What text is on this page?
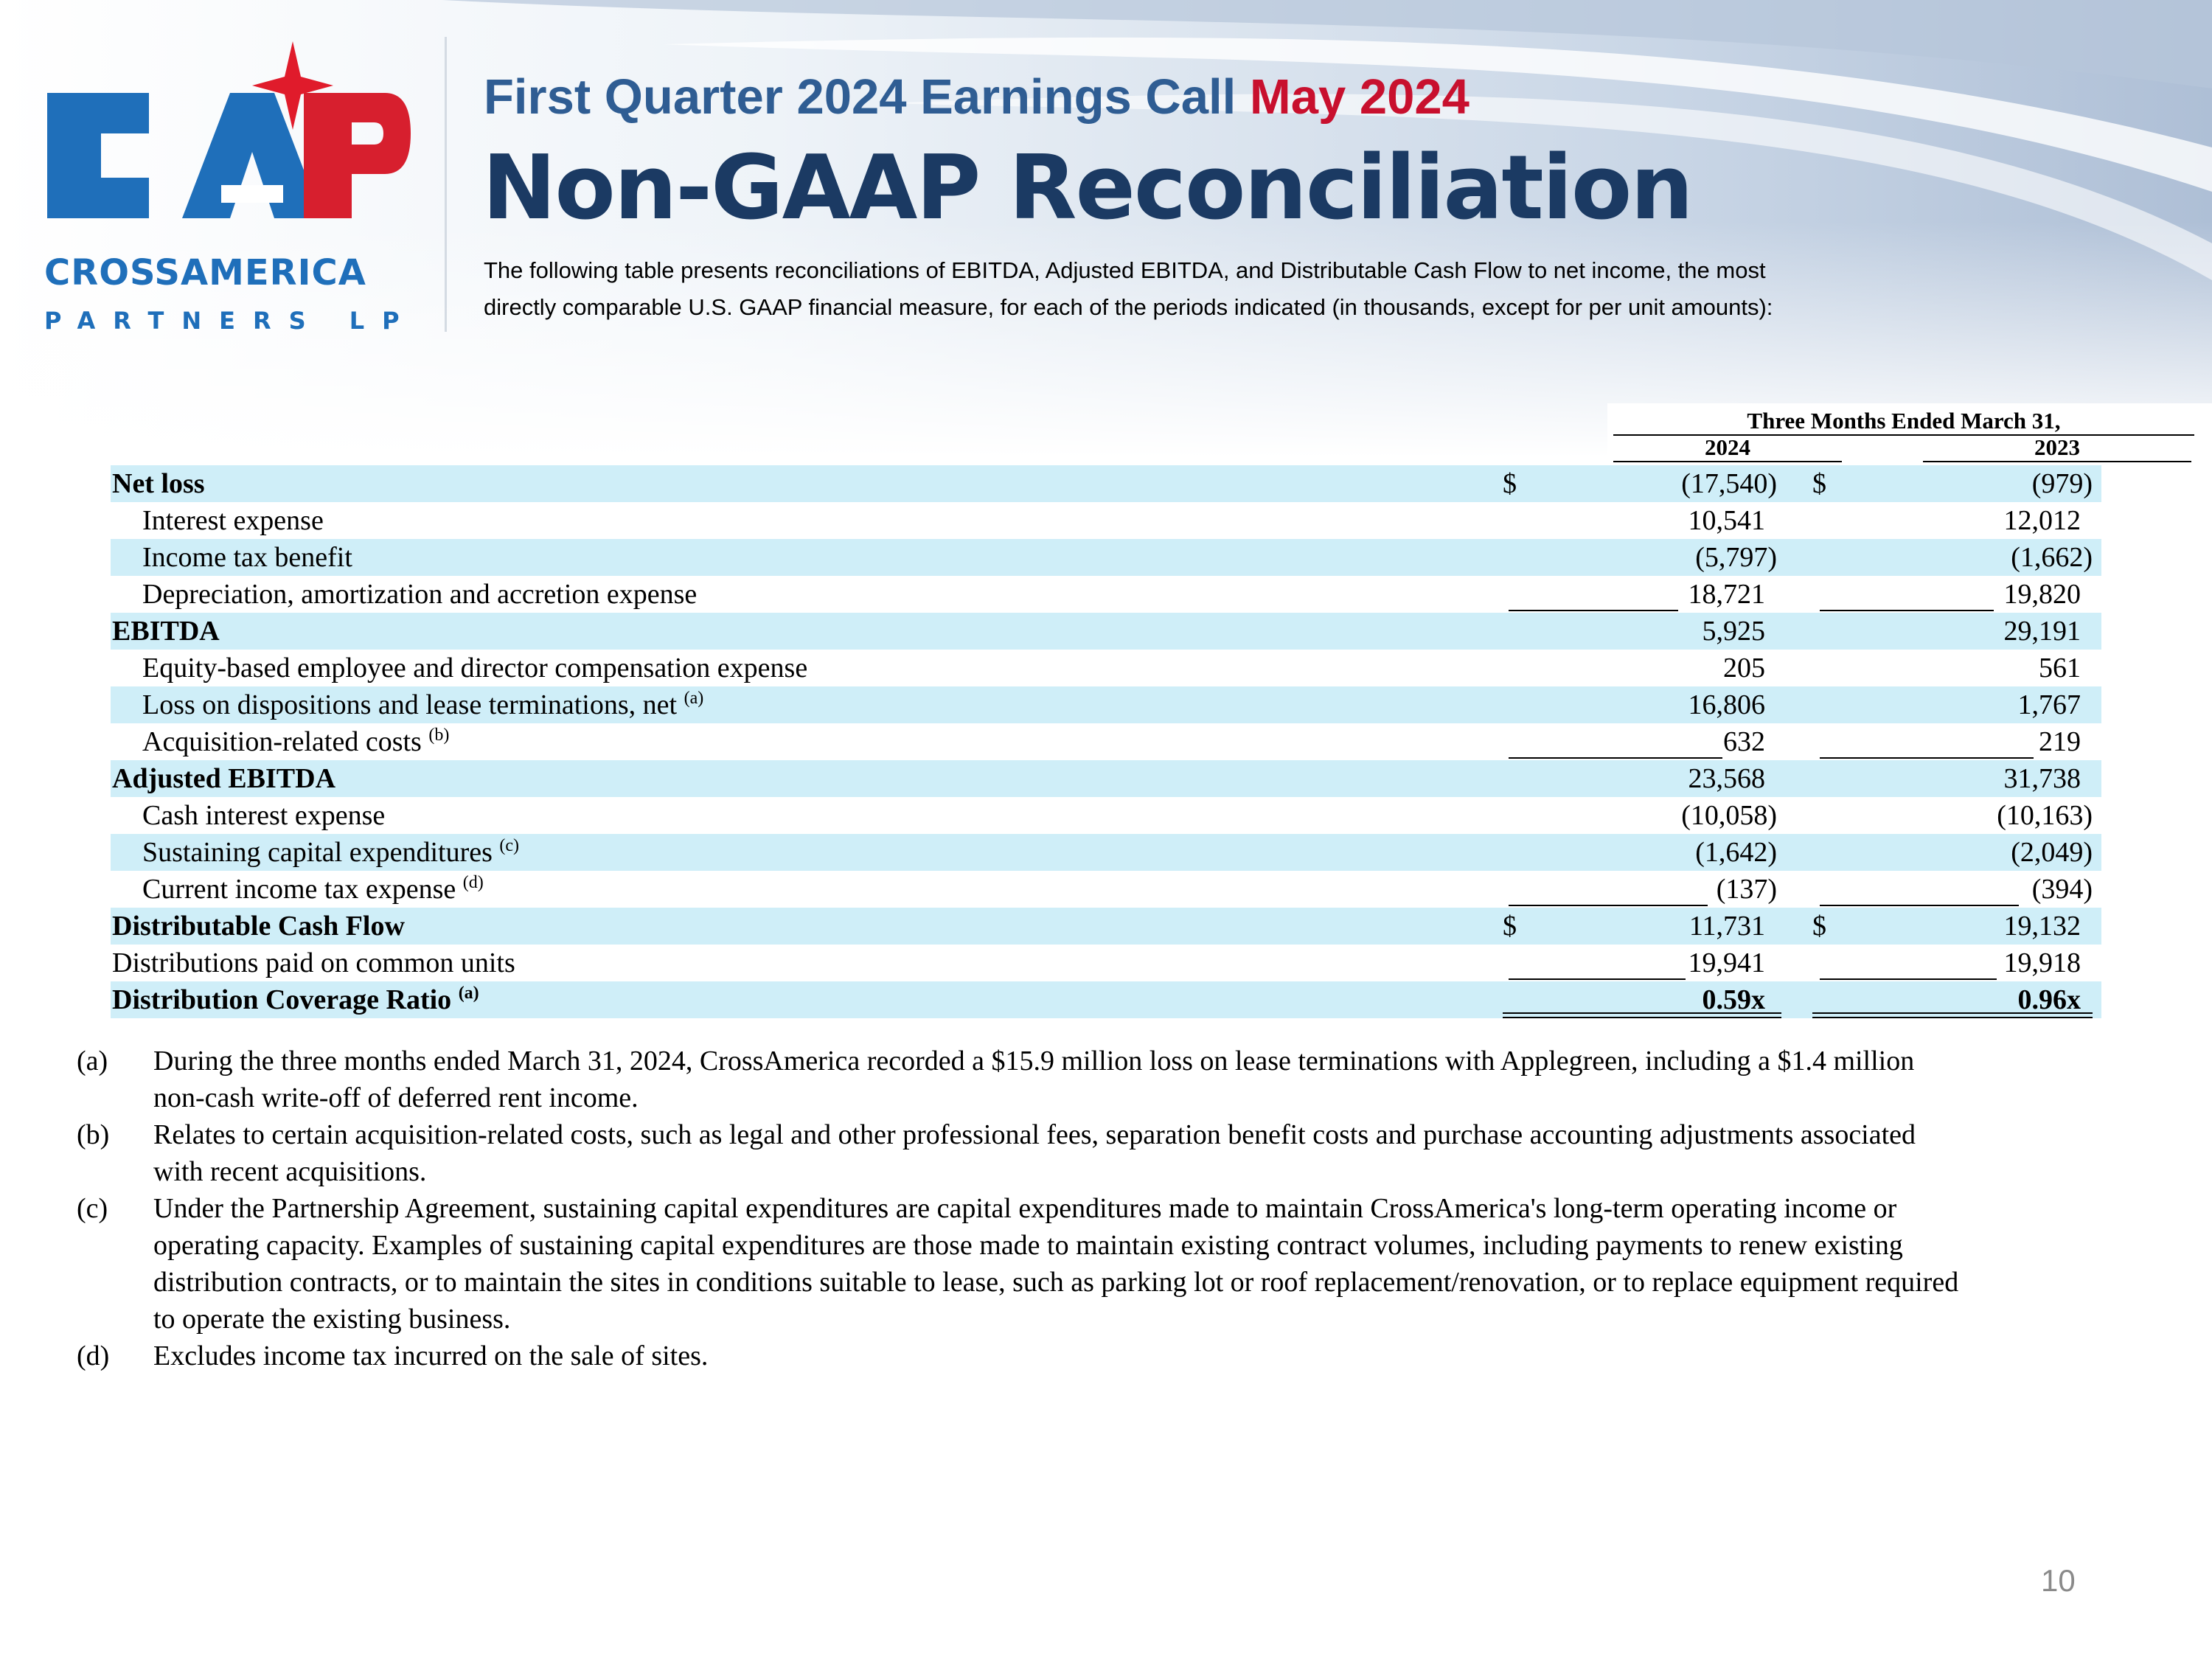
CROSSAMERICA
PARTNERS LP
First Quarter 2024 Earnings Call May 2024
Non-GAAP Reconciliation
The following table presents reconciliations of EBITDA, Adjusted EBITDA, and Distributable Cash Flow to net income, the most
directly comparable U.S. GAAP financial measure, for each of the periods indicated (in thousands, except for per unit amounts):
Three Months Ended March 31,
2024	2023
Net loss	$	(17,540) $	(979)
Interest expense	10,541	12,012
Income tax benefit	(5,797)	(1,662)
Depreciation, amortization and accretion expense	18,721	19,820
EBITDA	5,925	29,191
Equity-based employee and director compensation expense	205	561
Loss on dispositions and lease terminations, net $^{(a)}$	16,806	1,767
Acquisition-related costs $^{(b)}$	632	219
Adjusted EBITDA	23,568	31,738
Cash interest expense	(10,058)	(10,163)
Sustaining capital expenditures $^{(c)}$	(1,642)	(2,049)
Current income tax expense $^{(d)}$	(137)	(394)
Distributable Cash Flow	$	11,731 $	19,132
Distributions paid on common units	19,941	19,918
Distribution Coverage Ratio $^{(a)}$	0.59x	0.96x
(a) During the three months ended March 31, 2024, CrossAmerica recorded a $15.9 million loss on lease terminations with Applegreen, including a $1.4 million
non-cash write-off of deferred rent income.
(b) Relates to certain acquisition-related costs, such as legal and other professional fees, separation benefit costs and purchase accounting adjustments associated
with recent acquisitions.
(c) Under the Partnership Agreement, sustaining capital expenditures are capital expenditures made to maintain CrossAmerica's long-term operating income or
operating capacity. Examples of sustaining capital expenditures are those made to maintain existing contract volumes, including payments to renew existing
distribution contracts, or to maintain the sites in conditions suitable to lease, such as parking lot or roof replacement/renovation, or to replace equipment required
to operate the existing business.
(d) Excludes income tax incurred on the sale of sites.
10
